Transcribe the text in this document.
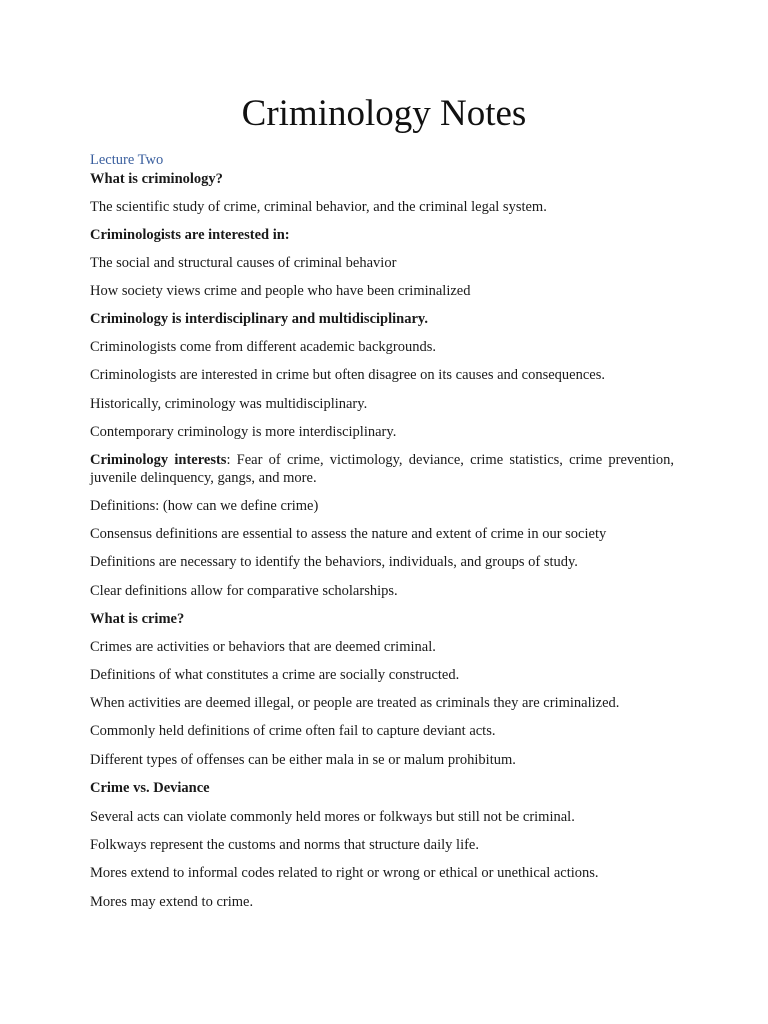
Criminology Notes

Lecture Two

What is criminology?

The scientific study of crime, criminal behavior, and the criminal legal system.

Criminologists are interested in:

The social and structural causes of criminal behavior

How society views crime and people who have been criminalized

Criminology is interdisciplinary and multidisciplinary.

Criminologists come from different academic backgrounds.

Criminologists are interested in crime but often disagree on its causes and consequences.

Historically, criminology was multidisciplinary.

Contemporary criminology is more interdisciplinary.

Criminology interests: Fear of crime, victimology, deviance, crime statistics, crime prevention, juvenile delinquency, gangs, and more.

Definitions: (how can we define crime)

Consensus definitions are essential to assess the nature and extent of crime in our society

Definitions are necessary to identify the behaviors, individuals, and groups of study.

Clear definitions allow for comparative scholarships.

What is crime?

Crimes are activities or behaviors that are deemed criminal.

Definitions of what constitutes a crime are socially constructed.

When activities are deemed illegal, or people are treated as criminals they are criminalized.

Commonly held definitions of crime often fail to capture deviant acts.

Different types of offenses can be either mala in se or malum prohibitum.

Crime vs. Deviance

Several acts can violate commonly held mores or folkways but still not be criminal.

Folkways represent the customs and norms that structure daily life.

Mores extend to informal codes related to right or wrong or ethical or unethical actions.

Mores may extend to crime.
